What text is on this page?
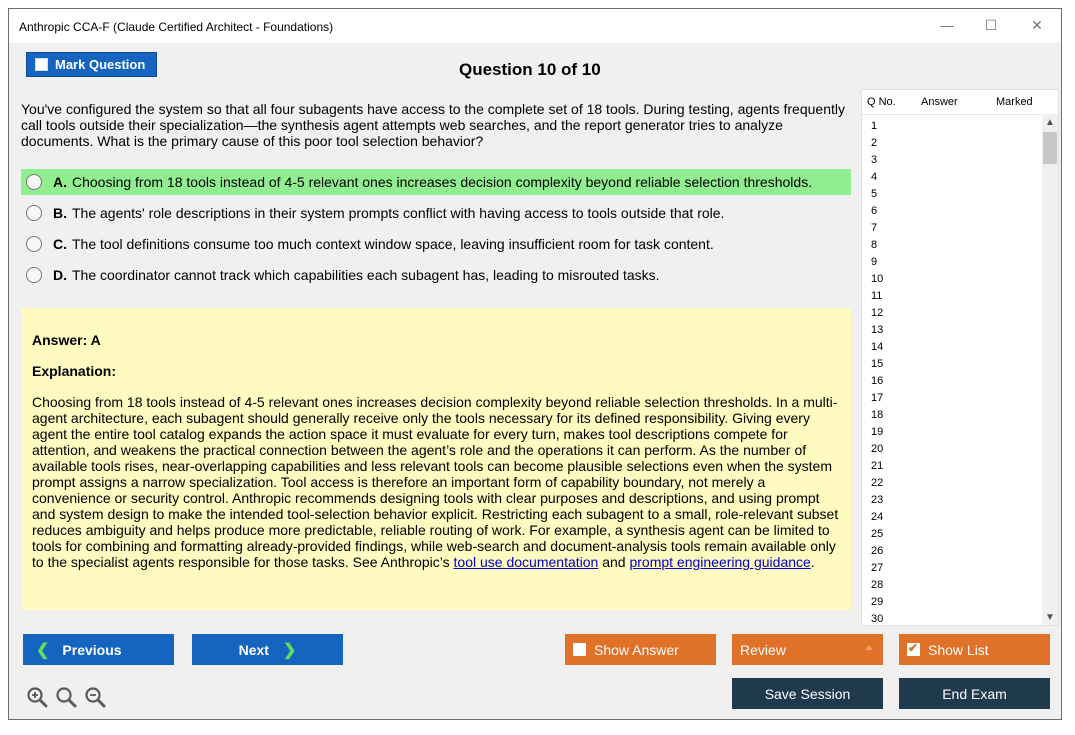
Anthropic CCA-F (Claude Certified Architect - Foundations)	—	☐	✕
Mark Question	Question 10 of 10
You've configured the system so that all four subagents have access to the complete set of 18 tools. During testing, agents frequently call tools outside their specialization—the synthesis agent attempts web searches, and the report generator tries to analyze documents. What is the primary cause of this poor tool selection behavior?
A. Choosing from 18 tools instead of 4-5 relevant ones increases decision complexity beyond reliable selection thresholds.
B. The agents' role descriptions in their system prompts conflict with having access to tools outside that role.
C. The tool definitions consume too much context window space, leaving insufficient room for task content.
D. The coordinator cannot track which capabilities each subagent has, leading to misrouted tasks.
Answer: A
Explanation:
Choosing from 18 tools instead of 4-5 relevant ones increases decision complexity beyond reliable selection thresholds. In a multi-agent architecture, each subagent should generally receive only the tools necessary for its defined responsibility. Giving every agent the entire tool catalog expands the action space it must evaluate for every turn, makes tool descriptions compete for attention, and weakens the practical connection between the agent’s role and the operations it can perform. As the number of available tools rises, near-overlapping capabilities and less relevant tools can become plausible selections even when the system prompt assigns a narrow specialization. Tool access is therefore an important form of capability boundary, not merely a convenience or security control. Anthropic recommends designing tools with clear purposes and descriptions, and using prompt and system design to make the intended tool-selection behavior explicit. Restricting each subagent to a small, role-relevant subset reduces ambiguity and helps produce more predictable, reliable routing of work. For example, a synthesis agent can be limited to tools for combining and formatting already-provided findings, while web-search and document-analysis tools remain available only to the specialist agents responsible for those tasks. See Anthropic’s tool use documentation and prompt engineering guidance.
Q No. Answer	Marked
1
2
3
4
5
6
7
8
9
10
11
12
13
14
15
16
17
18
19
20
21
22
23
24
25
26
27
28
29
30
▲
▼
❮ Previous	Next ❯	Show Answer	Review
✔	Show List
Save Session	End Exam
